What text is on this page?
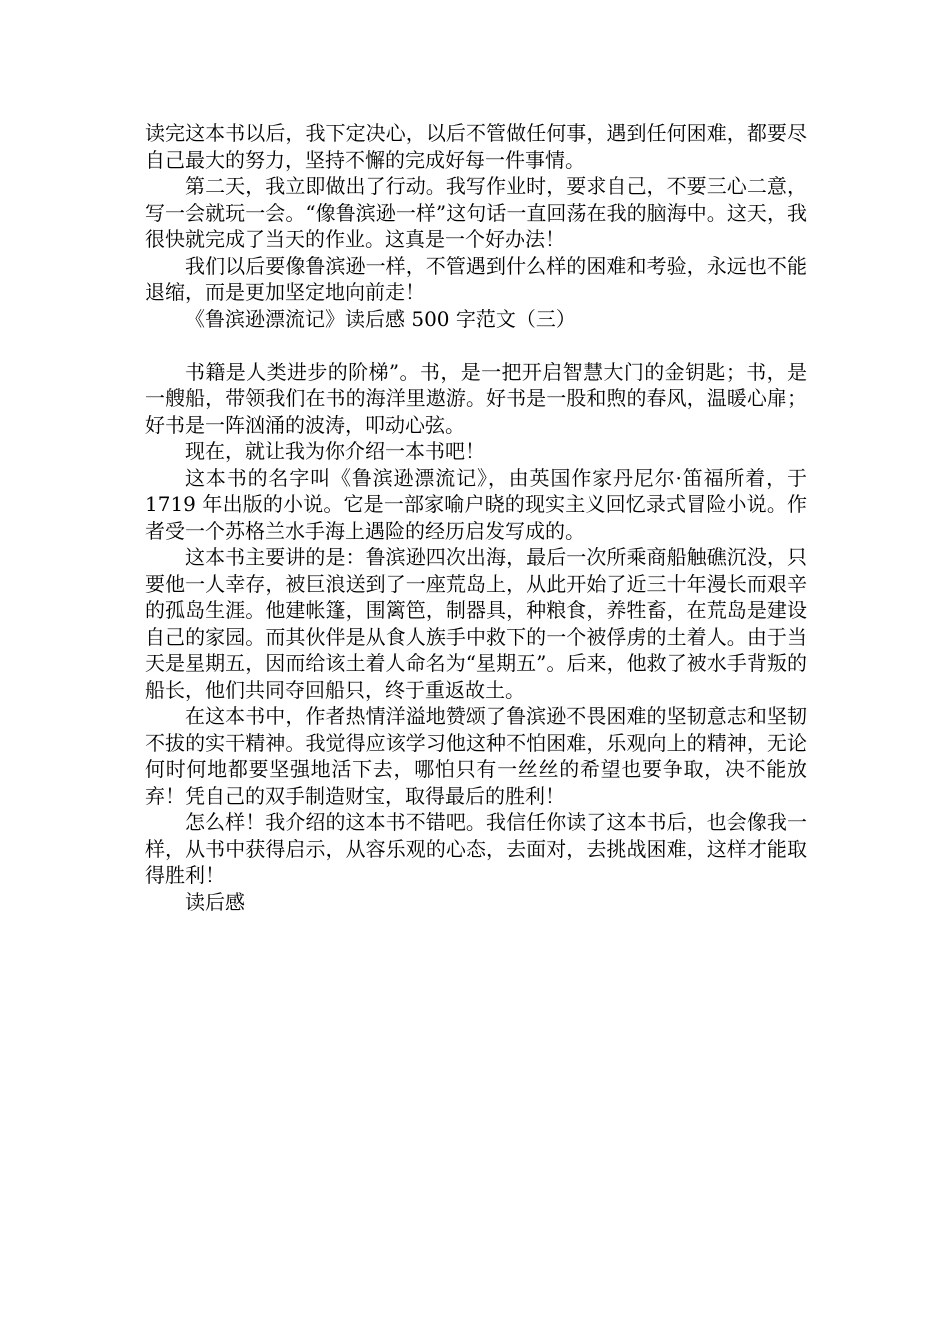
读完这本书以后，我下定决心，以后不管做任何事，遇到任何困难，都要尽自己最大的努力，坚持不懈的完成好每一件事情。

第二天，我立即做出了行动。我写作业时，要求自己，不要三心二意，写一会就玩一会。“像鲁滨逊一样”这句话一直回荡在我的脑海中。这天，我很快就完成了当天的作业。这真是一个好办法！

我们以后要像鲁滨逊一样，不管遇到什么样的困难和考验，永远也不能退缩，而是更加坚定地向前走！

《鲁滨逊漂流记》读后感 500 字范文（三）

书籍是人类进步的阶梯”。书，是一把开启智慧大门的金钥匙；书，是一艘船，带领我们在书的海洋里遨游。好书是一股和煦的春风，温暖心扉；好书是一阵汹涌的波涛，叩动心弦。

现在，就让我为你介绍一本书吧！

这本书的名字叫《鲁滨逊漂流记》，由英国作家丹尼尔·笛福所着，于 1719 年出版的小说。它是一部家喻户晓的现实主义回忆录式冒险小说。作者受一个苏格兰水手海上遇险的经历启发写成的。

这本书主要讲的是：鲁滨逊四次出海，最后一次所乘商船触礁沉没，只要他一人幸存，被巨浪送到了一座荒岛上，从此开始了近三十年漫长而艰辛的孤岛生涯。他建帐篷，围篱笆，制器具，种粮食，养牲畜，在荒岛是建设自己的家园。而其伙伴是从食人族手中救下的一个被俘虏的土着人。由于当天是星期五，因而给该土着人命名为“星期五”。后来，他救了被水手背叛的船长，他们共同夺回船只，终于重返故土。

在这本书中，作者热情洋溢地赞颂了鲁滨逊不畏困难的坚韧意志和坚韧不拔的实干精神。我觉得应该学习他这种不怕困难，乐观向上的精神，无论何时何地都要坚强地活下去，哪怕只有一丝丝的希望也要争取，决不能放弃！凭自己的双手制造财宝，取得最后的胜利！

怎么样！我介绍的这本书不错吧。我信任你读了这本书后，也会像我一样，从书中获得启示，从容乐观的心态，去面对，去挑战困难，这样才能取得胜利！

读后感
